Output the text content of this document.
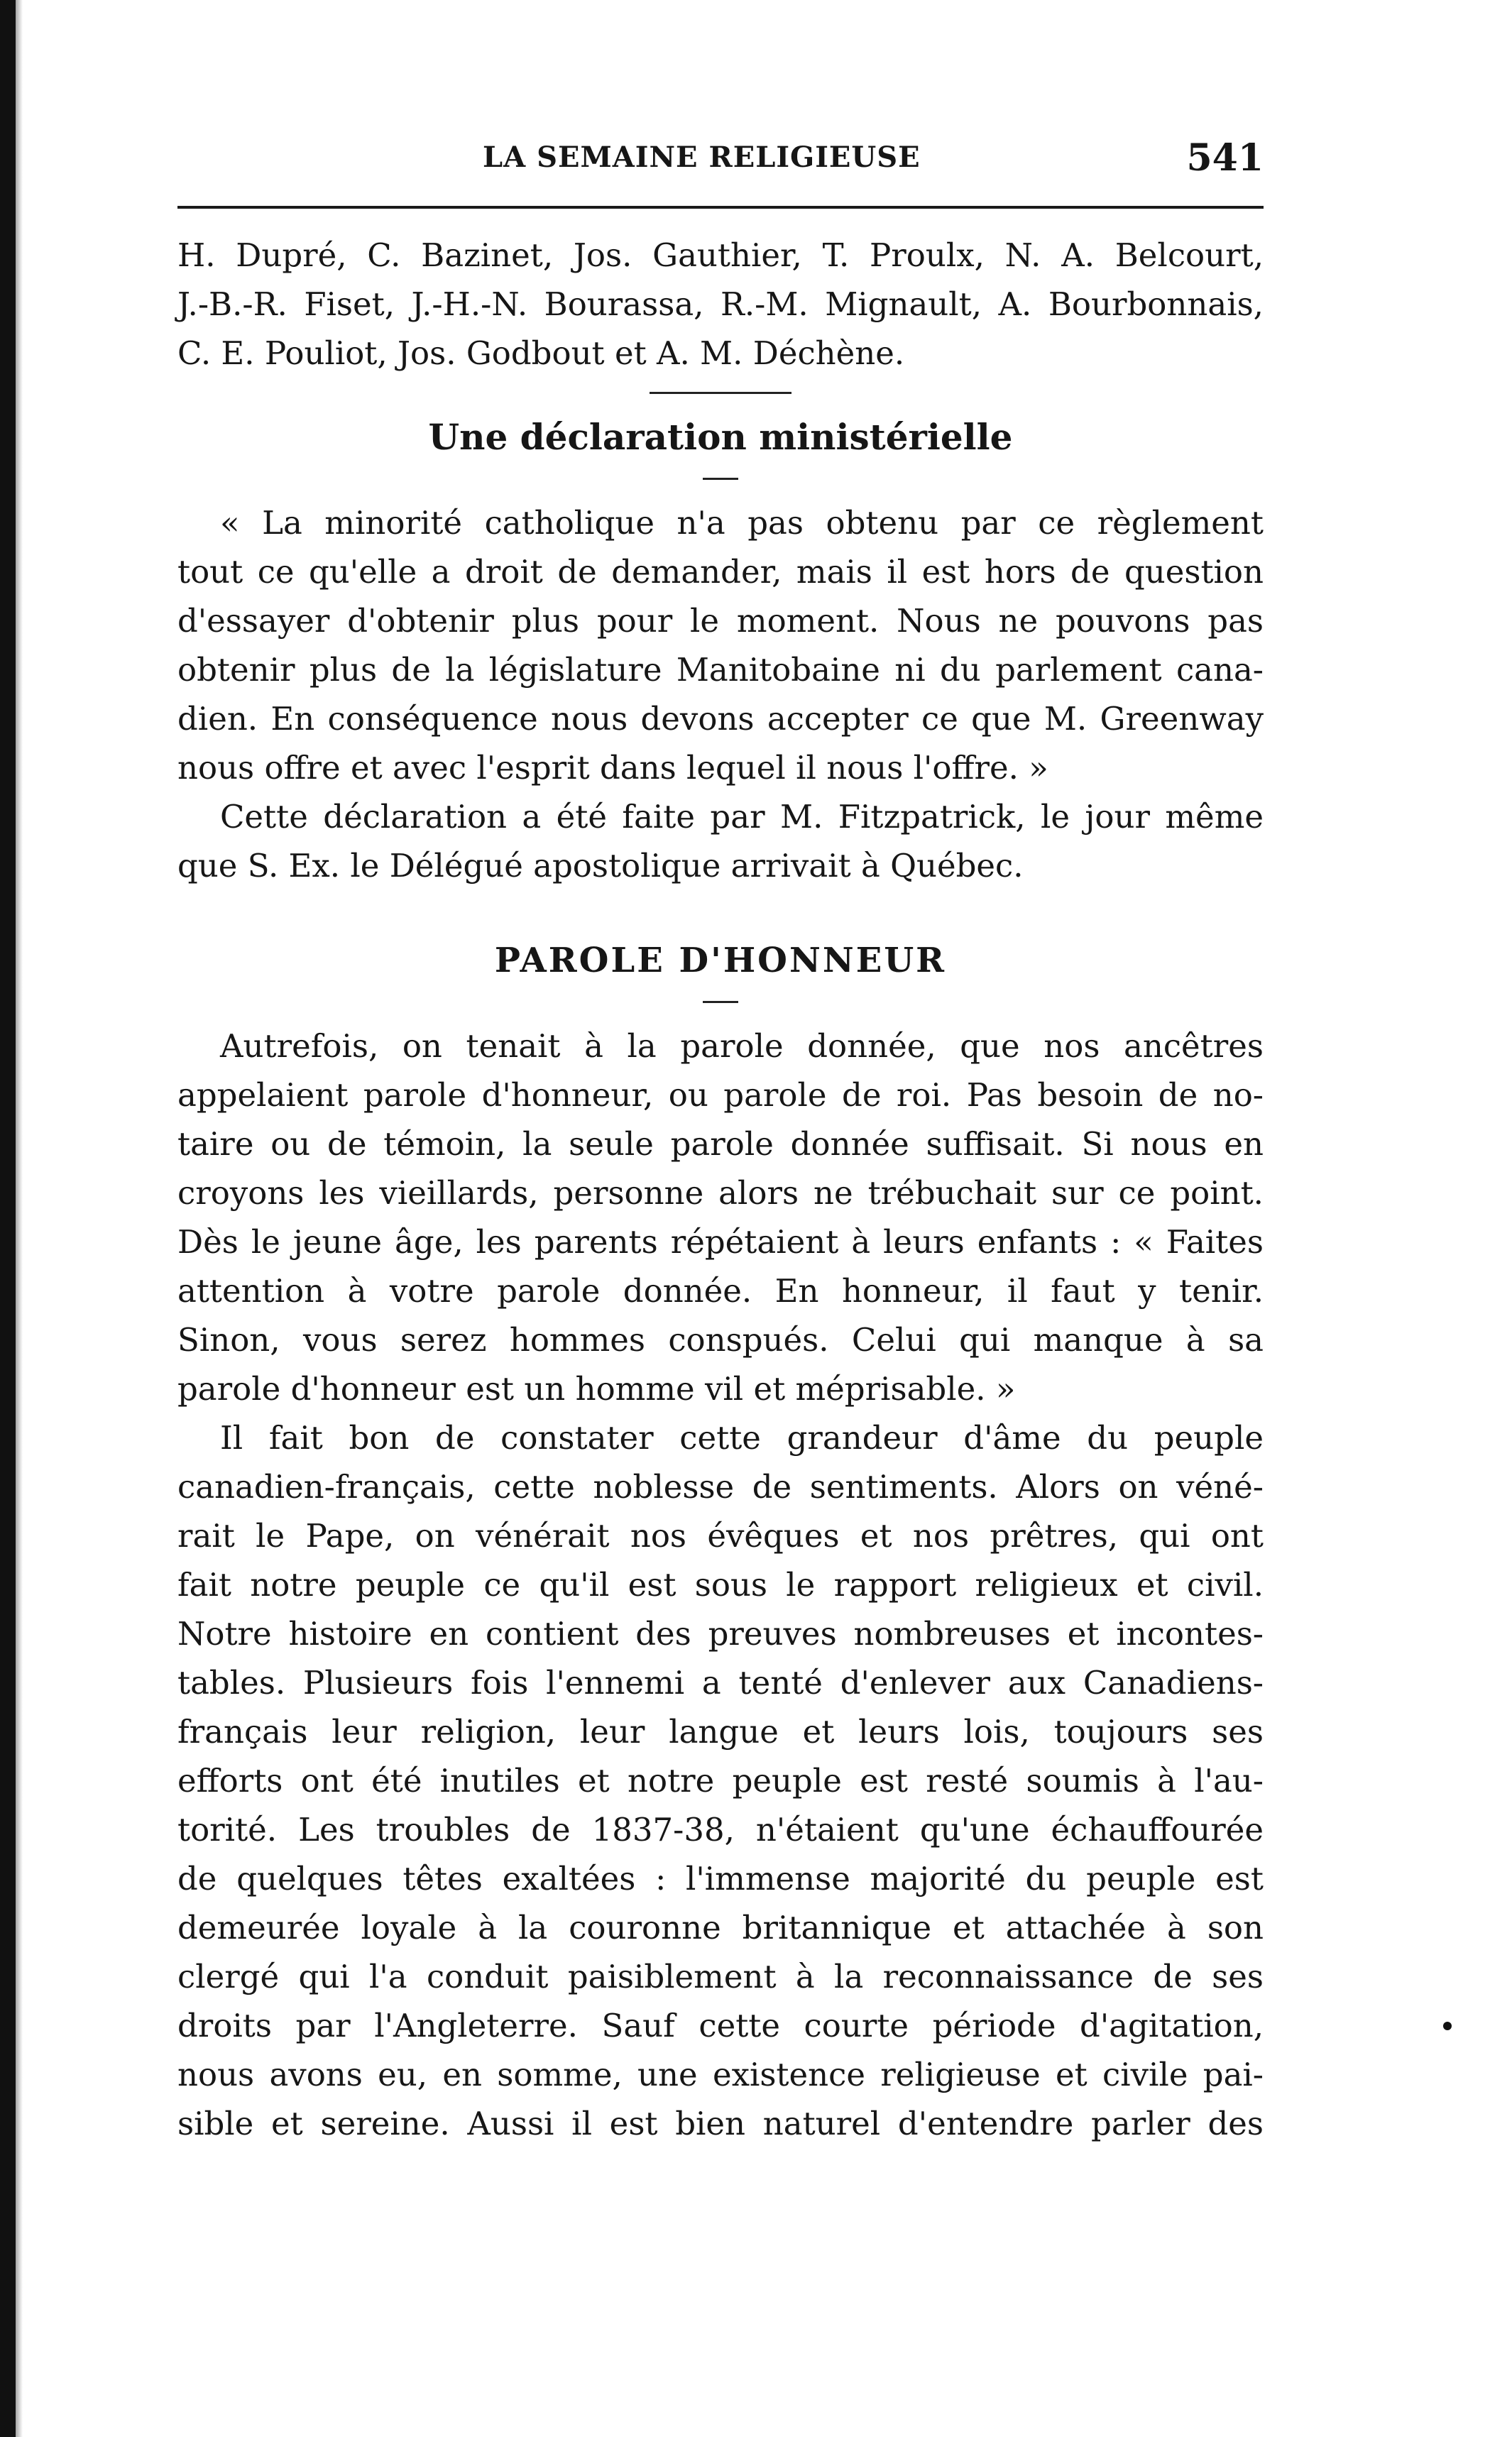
LA SEMAINE RELIGIEUSE	541
H. Dupré, C. Bazinet, Jos. Gauthier, T. Proulx, N. A. Belcourt,
J.-B.-R. Fiset, J.-H.-N. Bourassa, R.-M. Mignault, A. Bourbonnais,
C. E. Pouliot, Jos. Godbout et A. M. Déchène.
Une déclaration ministérielle
« La minorité catholique n'a pas obtenu par ce règlement
tout ce qu'elle a droit de demander, mais il est hors de question
d'essayer d'obtenir plus pour le moment. Nous ne pouvons pas
obtenir plus de la législature Manitobaine ni du parlement cana-
dien. En conséquence nous devons accepter ce que M. Greenway
nous offre et avec l'esprit dans lequel il nous l'offre. »
Cette déclaration a été faite par M. Fitzpatrick, le jour même
que S. Ex. le Délégué apostolique arrivait à Québec.
PAROLE D'HONNEUR
Autrefois, on tenait à la parole donnée, que nos ancêtres
appelaient parole d'honneur, ou parole de roi. Pas besoin de no-
taire ou de témoin, la seule parole donnée suffisait. Si nous en
croyons les vieillards, personne alors ne trébuchait sur ce point.
Dès le jeune âge, les parents répétaient à leurs enfants : « Faites
attention à votre parole donnée. En honneur, il faut y tenir.
Sinon, vous serez hommes conspués. Celui qui manque à sa
parole d'honneur est un homme vil et méprisable. »
Il fait bon de constater cette grandeur d'âme du peuple
canadien-français, cette noblesse de sentiments. Alors on véné-
rait le Pape, on vénérait nos évêques et nos prêtres, qui ont
fait notre peuple ce qu'il est sous le rapport religieux et civil.
Notre histoire en contient des preuves nombreuses et incontes-
tables. Plusieurs fois l'ennemi a tenté d'enlever aux Canadiens-
français leur religion, leur langue et leurs lois, toujours ses
efforts ont été inutiles et notre peuple est resté soumis à l'au-
torité. Les troubles de 1837-38, n'étaient qu'une échauffourée
de quelques têtes exaltées : l'immense majorité du peuple est
demeurée loyale à la couronne britannique et attachée à son
clergé qui l'a conduit paisiblement à la reconnaissance de ses
droits par l'Angleterre. Sauf cette courte période d'agitation,
nous avons eu, en somme, une existence religieuse et civile pai-
sible et sereine. Aussi il est bien naturel d'entendre parler des
